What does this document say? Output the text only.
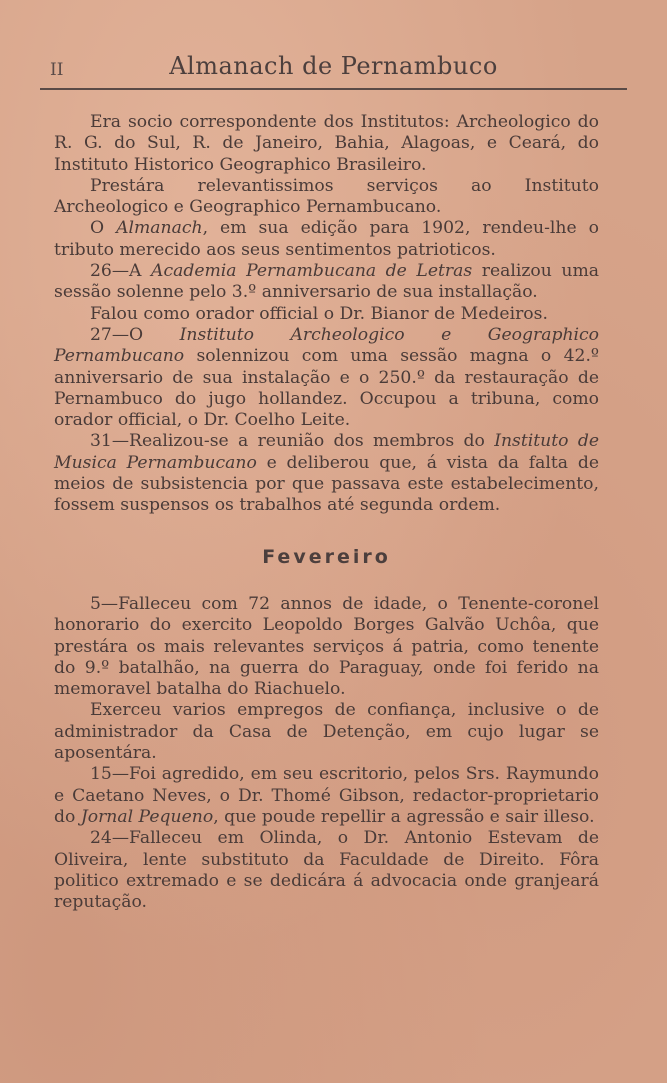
II	Almanach de Pernambuco

Era socio correspondente dos Institutos: Archeologico do R. G. do Sul, R. de Janeiro, Bahia, Alagoas, e Ceará, do Instituto Historico Geographico Brasileiro.

Prestára relevantissimos serviços ao Instituto Archeologico e Geographico Pernambucano.

O Almanach, em sua edição para 1902, rendeu-lhe o tributo merecido aos seus sentimentos patrioticos.

26—A Academia Pernambucana de Letras realizou uma sessão solenne pelo 3.º anniversario de sua installação.

Falou como orador official o Dr. Bianor de Medeiros.

27—O Instituto Archeologico e Geographico Pernambucano solennizou com uma sessão magna o 42.º anniversario de sua instalação e o 250.º da restauração de Pernambuco do jugo hollandez. Occupou a tribuna, como orador official, o Dr. Coelho Leite.

31—Realizou-se a reunião dos membros do Instituto de Musica Pernambucano e deliberou que, á vista da falta de meios de subsistencia por que passava este estabelecimento, fossem suspensos os trabalhos até segunda ordem.

Fevereiro

5—Falleceu com 72 annos de idade, o Tenente-coronel honorario do exercito Leopoldo Borges Galvão Uchôa, que prestára os mais relevantes serviços á patria, como tenente do 9.º batalhão, na guerra do Paraguay, onde foi ferido na memoravel batalha do Riachuelo.

Exerceu varios empregos de confiança, inclusive o de administrador da Casa de Detenção, em cujo lugar se aposentára.

15—Foi agredido, em seu escritorio, pelos Srs. Raymundo e Caetano Neves, o Dr. Thomé Gibson, redactor-proprietario do Jornal Pequeno, que poude repellir a agressão e sair illeso.

24—Falleceu em Olinda, o Dr. Antonio Estevam de Oliveira, lente substituto da Faculdade de Direito. Fôra politico extremado e se dedicára á advocacia onde granjeará reputação.
